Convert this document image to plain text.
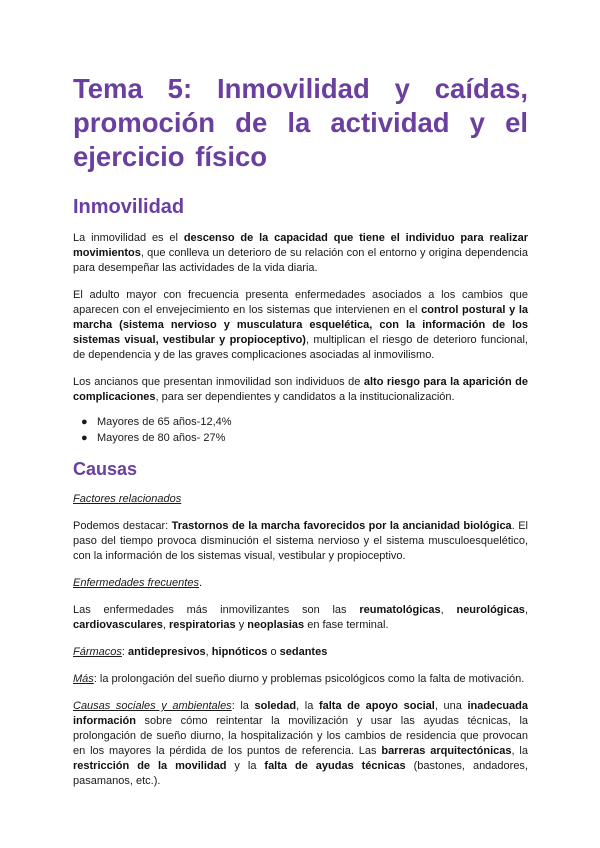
Tema 5: Inmovilidad y caídas, promoción de la actividad y el ejercicio físico
Inmovilidad

La inmovilidad es el descenso de la capacidad que tiene el individuo para realizar movimientos, que conlleva un deterioro de su relación con el entorno y origina dependencia para desempeñar las actividades de la vida diaria.

El adulto mayor con frecuencia presenta enfermedades asociados a los cambios que aparecen con el envejecimiento en los sistemas que intervienen en el control postural y la marcha (sistema nervioso y musculatura esquelética, con la información de los sistemas visual, vestibular y propioceptivo), multiplican el riesgo de deterioro funcional, de dependencia y de las graves complicaciones asociadas al inmovilismo.

Los ancianos que presentan inmovilidad son individuos de alto riesgo para la aparición de complicaciones, para ser dependientes y candidatos a la institucionalización.

● Mayores de 65 años-12,4%
● Mayores de 80 años- 27%
Causas

Factores relacionados

Podemos destacar: Trastornos de la marcha favorecidos por la ancianidad biológica. El paso del tiempo provoca disminución el sistema nervioso y el sistema musculoesquelético, con la información de los sistemas visual, vestibular y propioceptivo.

Enfermedades frecuentes.

Las enfermedades más inmovilizantes son las reumatológicas, neurológicas, cardiovasculares, respiratorias y neoplasias en fase terminal.

Fármacos: antidepresivos, hipnóticos o sedantes

Más: la prolongación del sueño diurno y problemas psicológicos como la falta de motivación.

Causas sociales y ambientales: la soledad, la falta de apoyo social, una inadecuada información sobre cómo reintentar la movilización y usar las ayudas técnicas, la prolongación de sueño diurno, la hospitalización y los cambios de residencia que provocan en los mayores la pérdida de los puntos de referencia. Las barreras arquitectónicas, la restricción de la movilidad y la falta de ayudas técnicas (bastones, andadores, pasamanos, etc.).
